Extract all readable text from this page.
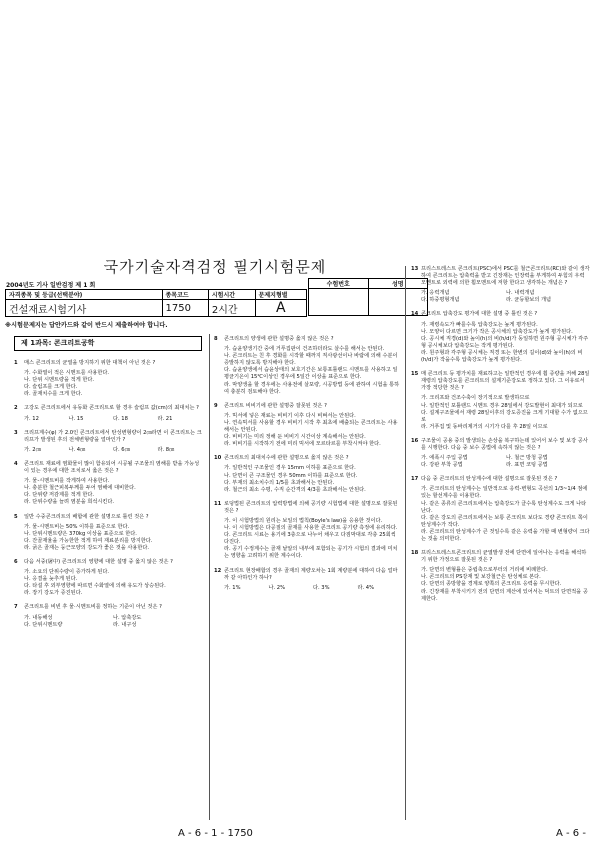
국가기술자격검정 필기시험문제
2004년도 기사 일반검정 제 1 회	수험번호	성명

자격종목 및 등급(선택분야)	종목코드	시험시간	문제지형별
건설재료시험기사	1750	2시간	A
※시험문제지는 답안카드와 같이 반드시 제출하여야 합니다.
제 1과목: 콘크리트공학
1	매스 콘크리트의 균열을 방지하기 위한 대책이 아닌 것은 ?
가. 수화열이 적은 시멘트를 사용한다.
나. 단위 시멘트량을 적게 한다.
다. 슬럼프를 크게 한다.
라. 골재치수를 크게 한다.
2	고강도 콘크리트에서 유동화 콘크리트로 할 경우 슬럼프 값(cm)의 최대치는 ?
가. 12	나. 15	다. 18	라. 21
3	크리프계수(φ) 가 2.0인 콘크리트에서 탄성변형량이 2㎝라면 이 콘크리트는 크리프가 발생된 후의 전체변형량을 얼마인가 ?
가. 2㎝	나. 4㎝	다. 6㎝	라. 8㎝
4	콘크리트 재료에 염화물이 많이 함유되어 시공될 구조물의 염해를 받을 가능성이 있는 경우에 대한 조치로서 옳은 것은 ?
가. 물-시멘트비를 작게하여 사용한다.
나. 충분한 철근피복두께를 두어 염해에 대비한다.
다. 단위량 저감제를 적게 한다.
라. 단위수량을 늘려 염분을 희석시킨다.
5	일반 수중콘크리트의 배합에 관한 설명으로 틀린 것은 ?
가. 물-시멘트비는 50% 이하를 표준으로 한다.
나. 단위시멘트량은 370kg 이상을 표준으로 한다.
다. 잔골재율을 가능한한 적게 하여 재료분리를 방지한다.
라. 굵은 골재는 둥근모양의 강도가 좋은 것을 사용한다.
6	다음 서중(屠中) 콘크리트의 영향에 대한 설명 중 옳지 않은 것은 ?
가. 소요의 단위수량이 증가하게 된다.
나. 응결을 늦추게 된다.
다. 타설 후 외부영향에 따르면 수화열에 의해 유도가 상승된다.
라. 장기 강도가 증진된다.
7	콘크리트를 비빈 후 물·시멘트비를 정하는 기준이 아닌 것은 ?
가. 내동해성	나. 압축강도
다. 단위시멘트량	라. 내구성
8	콘크리트의 양생에 관한 설명중 옳지 않은 것은 ?
가. 습윤양생기간 중에 거푸집판이 건조하더라도 살수를 해서는 안된다.
나. 콘크리트는 친 후 경화를 시작할 때까지 직사광선이나 바람에 의해 수분이 증발하지 않도록 방지해야 한다.
다. 습윤양생에서 습윤상태의 보호기간은 보통포틀랜드 시멘트를 사용하고 일평균기온이 15℃이상인 경우에 5일간 이상을 표준으로 한다.
라. 막양생을 할 경우에는 사용전에 살포량, 시공방법 등에 관하여 시험을 통하여 충분히 검토해야 한다.
9	콘크리트 비비기에 관한 설명중 잘못된 것은 ?
가. 믹서에 넣은 재료는 비비기 이후 다시 비벼서는 안된다.
나. 연속믹서를 사용할 경우 비비기 시작 후 최초에 배출되는 콘크리트는 사용해서는 안된다.
다. 비비기는 미리 정해 둔 비비기 시간이상 계속해서는 안된다.
라. 비비기를 시작하기 전에 미리 믹서에 모르타르를 부착시켜야 한다.
10 콘크리트의 최대치수에 관한 설명으로 옳지 않은 것은 ?
가. 일반적인 구조물인 경우 15mm 이하를 표준으로 한다.
나. 단면이 큰 구조물인 경우 50mm 이하를 표준으로 한다.
다. 부재의 최소치수의 1/5를 초과해서는 안된다.
라. 철근의 최소 수평, 수직 순간격의 4/3를 초과해서는 안된다.
11 로딩법된 콘크리트의 압력방법에 의해 공기량 시험법에 대한 설명으로 잘못된 것은 ?
가. 이 시험방법의 원리는 보일의 법칙(Boyle's law)을 응용한 것이다.
나. 이 시험방법은 다공질의 골재를 사용한 콘크리트 공기량 측정에 유리하다.
다. 콘크리트 시료는 용기에 3층으로 나누어 채우고 다짐막대로 각층 25회씩 다진다.
라. 공기 수정계수는 골재 낱알의 내부에 포함되는 공기가 시험의 결과에 미치는 영향을 고려하기 위한 계수이다.
12 콘크리트 현장배합의 경우 골재의 계량오차는 1회 계량분에 대하여 다음 얼마까 같 아하인가 하나?
가. 1%	나. 2%	다. 3%	라. 4%
13 프리스트레스트 콘크리트(PSC)에서 PSC를 철근콘크리트(RC)와 같이 생각하여 콘크리트는 압축력을 받고 긴장재는 인장력을 부게하여 두힘의 우력 모멘트로 외력에 의한 휨모멘트에 저항 한다고 생각하는 개념은 ?
가. 응력개념	나. 내력개념
다. 하중평형개념	라. 균등할보의 개념
14 콘크리트 압축강도 평가에 대한 설명 중 틀린 것은 ?
가. 재령속도가 빠를수록 압축강도는 높게 평가된다.
나. 모양이 다르면 크기가 작은 공시체의 압축강도가 높게 평가된다.
다. 공시체 직경(d)와 높이(h)의 비(h/d)가 동일하면 원주형 공시체가 각주형 공시체보다 압축강도는 작게 평가된다.
라. 원주형과 각주형 공시체는 직경 또는 한변의 길이(d)와 높이(h)의 비(h/d)가 작을수록 압축강도가 높게 평가된다.
15 매 콘크리트 등 평가치를 재료하고는 일반적인 경우에 휨 증량을 저해 28일 재령의 압축강도를 콘크리트의 설계기준강도로 정하고 있다. 그 이유로서 가장 적당한 것은 ?
가. 크리프와 건조수축이 장기적으로 발생하므로
나. 일반적인 포틀랜드 시멘트 경우 28일에서 강도발현이 최대가 되므로
다. 설계구조물에서 재령 28일이후의 강도증진을 크게 기대할 수가 없으므로
라. 거푸집 및 동바리제거의 시기가 다를 후 28일 이므로
16 구조물이 공용 중의 발생되는 손상을 복구하는데 있어서 보수 및 보강 공사를 시행한다. 다음 중 보수 공법에 속하지 않는 것은 ?
가. 에폭시 주입 공법	나. 철근 방청 공법
다. 강판 부착 공법	라. 표면 코팅 공법
17 다음 중 콘크리트의 탄성계수에 대한 설명으로 잘못된 것은 ?
가. 콘크리트의 탄성계수는 일반적으로 응력-변형도 곡선의 1/3~1/4 점에 있는 할선계수를 이용한다.
나. 같은 종류의 콘크리트에서는 압축강도가 클수록 탄성계수도 크게 나타난다.
다. 같은 강도의 콘크리트에서는 보통 콘크리트 보다도 경량 콘크리트 쪽이 탄성계수가 작다.
라. 콘크리트의 탄성계수가 큰 것일수록 같은 응력을 가할 때 변형량이 크다는 것을 의미한다.
18 프리스트레스트콘크리트의 균열발생 전에 단면에 일어나는 응력을 해석하기 위한 가정으로 잘못된 것은 ?
가. 단면의 변형률은 중립축으로부터의 거리에 비례한다.
나. 콘크리트의 PS강재 및 보강철근은 탄성체로 본다.
다. 단면의 종방향을 경계로 양쪽의 콘크리트 응력을 무시한다.
라. 긴장재를 부착시키기 전의 단면의 계산에 있어서는 덕트의 단면적을 공제한다.
A - 6 - 1 - 1750	A - 6 -
